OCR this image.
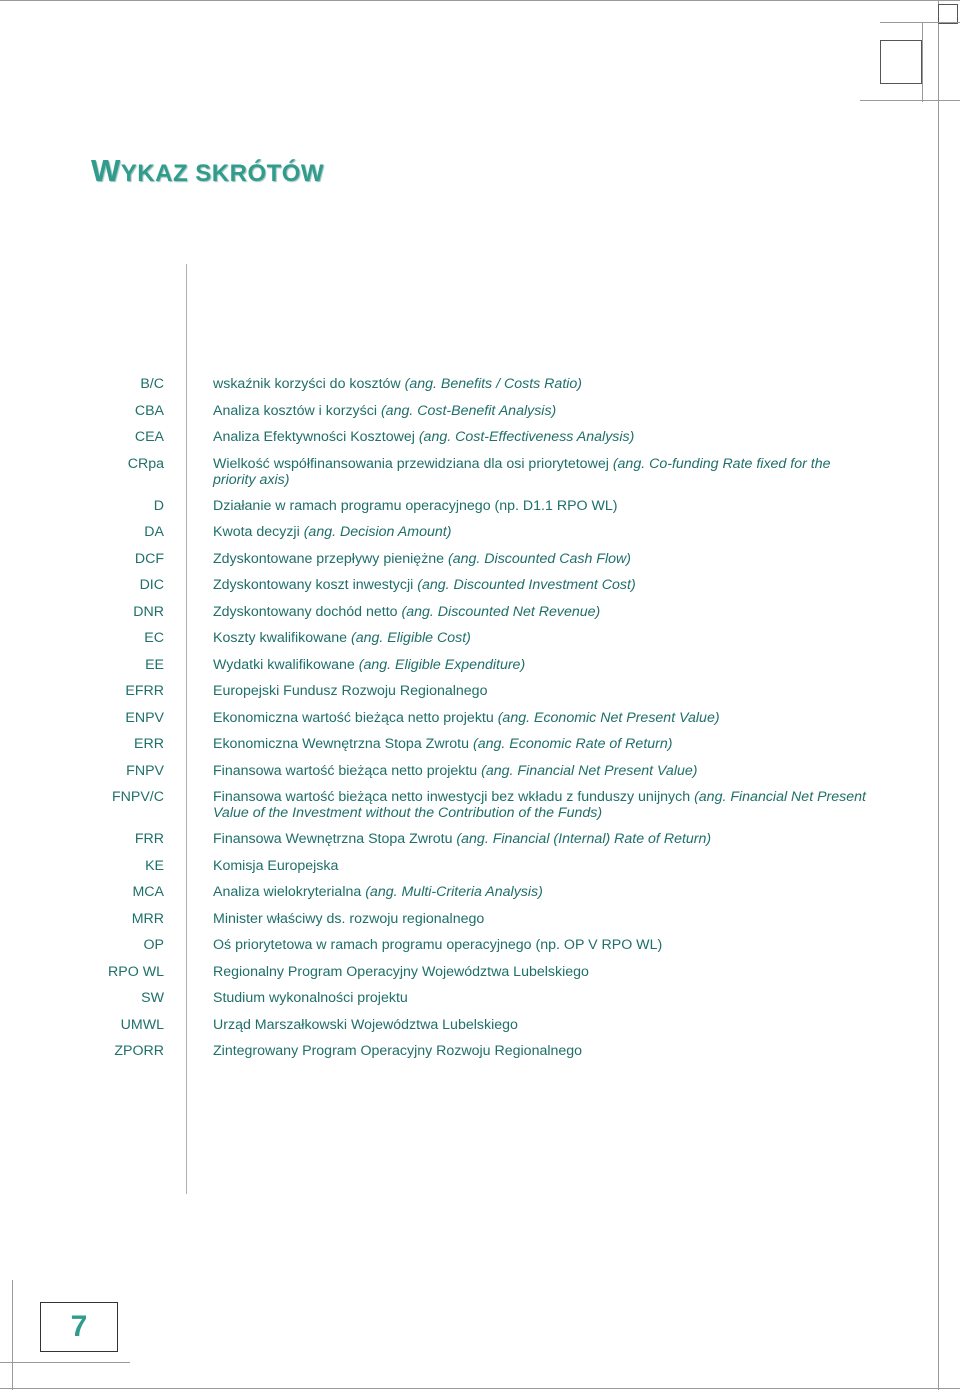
WYKAZ SKRÓTÓW
B/C	wskaźnik korzyści do kosztów (ang. Benefits / Costs Ratio)
CBA	Analiza kosztów i korzyści (ang. Cost-Benefit Analysis)
CEA	Analiza Efektywności Kosztowej (ang. Cost-Effectiveness Analysis)
CRpa	Wielkość współfinansowania przewidziana dla osi priorytetowej (ang. Co-funding Rate fixed for the priority axis)
D	Działanie w ramach programu operacyjnego (np. D1.1 RPO WL)
DA	Kwota decyzji (ang. Decision Amount)
DCF	Zdyskontowane przepływy pieniężne (ang. Discounted Cash Flow)
DIC	Zdyskontowany koszt inwestycji (ang. Discounted Investment Cost)
DNR	Zdyskontowany dochód netto (ang. Discounted Net Revenue)
EC	Koszty kwalifikowane (ang. Eligible Cost)
EE	Wydatki kwalifikowane (ang. Eligible Expenditure)
EFRR	Europejski Fundusz Rozwoju Regionalnego
ENPV	Ekonomiczna wartość bieżąca netto projektu (ang. Economic Net Present Value)
ERR	Ekonomiczna Wewnętrzna Stopa Zwrotu (ang. Economic Rate of Return)
FNPV	Finansowa wartość bieżąca netto projektu (ang. Financial Net Present Value)
FNPV/C	Finansowa wartość bieżąca netto inwestycji bez wkładu z funduszy unijnych (ang. Financial Net Present Value of the Investment without the Contribution of the Funds)
FRR	Finansowa Wewnętrzna Stopa Zwrotu (ang. Financial (Internal) Rate of Return)
KE	Komisja Europejska
MCA	Analiza wielokryterialna (ang. Multi-Criteria Analysis)
MRR	Minister właściwy ds. rozwoju regionalnego
OP	Oś priorytetowa w ramach programu operacyjnego (np. OP V RPO WL)
RPO WL	Regionalny Program Operacyjny Województwa Lubelskiego
SW	Studium wykonalności projektu
UMWL	Urząd Marszałkowski Województwa Lubelskiego
ZPORR	Zintegrowany Program Operacyjny Rozwoju Regionalnego
7
